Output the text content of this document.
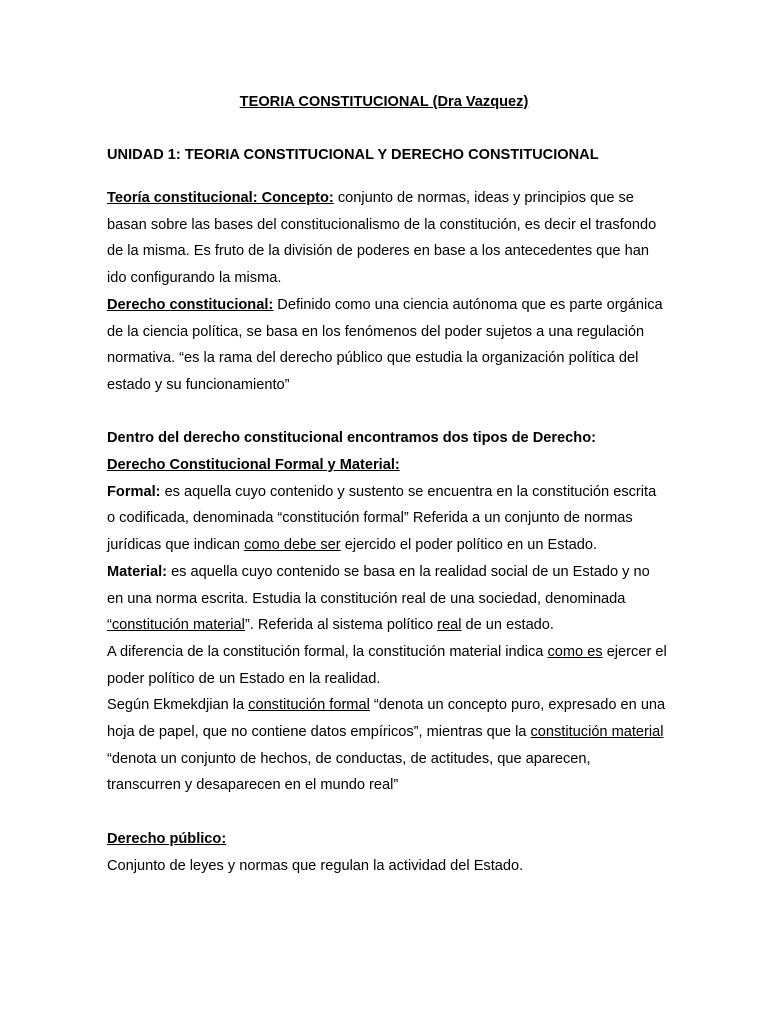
TEORIA CONSTITUCIONAL (Dra Vazquez)
UNIDAD 1: TEORIA CONSTITUCIONAL Y DERECHO CONSTITUCIONAL

Teoría constitucional: Concepto: conjunto de normas, ideas y principios que se basan sobre las bases del constitucionalismo de la constitución, es decir el trasfondo de la misma. Es fruto de la división de poderes en base a los antecedentes que han ido configurando la misma.

Derecho constitucional: Definido como una ciencia autónoma que es parte orgánica de la ciencia política, se basa en los fenómenos del poder sujetos a una regulación normativa. “es la rama del derecho público que estudia la organización política del estado y su funcionamiento”

Dentro del derecho constitucional encontramos dos tipos de Derecho:

Derecho Constitucional Formal y Material:

Formal: es aquella cuyo contenido y sustento se encuentra en la constitución escrita o codificada, denominada “constitución formal” Referida a un conjunto de normas jurídicas que indican como debe ser ejercido el poder político en un Estado.

Material: es aquella cuyo contenido se basa en la realidad social de un Estado y no en una norma escrita. Estudia la constitución real de una sociedad, denominada “constitución material”. Referida al sistema político real de un estado.

A diferencia de la constitución formal, la constitución material indica como es ejercer el poder político de un Estado en la realidad.

Según Ekmekdjian la constitución formal “denota un concepto puro, expresado en una hoja de papel, que no contiene datos empíricos”, mientras que la constitución material “denota un conjunto de hechos, de conductas, de actitudes, que aparecen, transcurren y desaparecen en el mundo real”

Derecho público:

Conjunto de leyes y normas que regulan la actividad del Estado.
